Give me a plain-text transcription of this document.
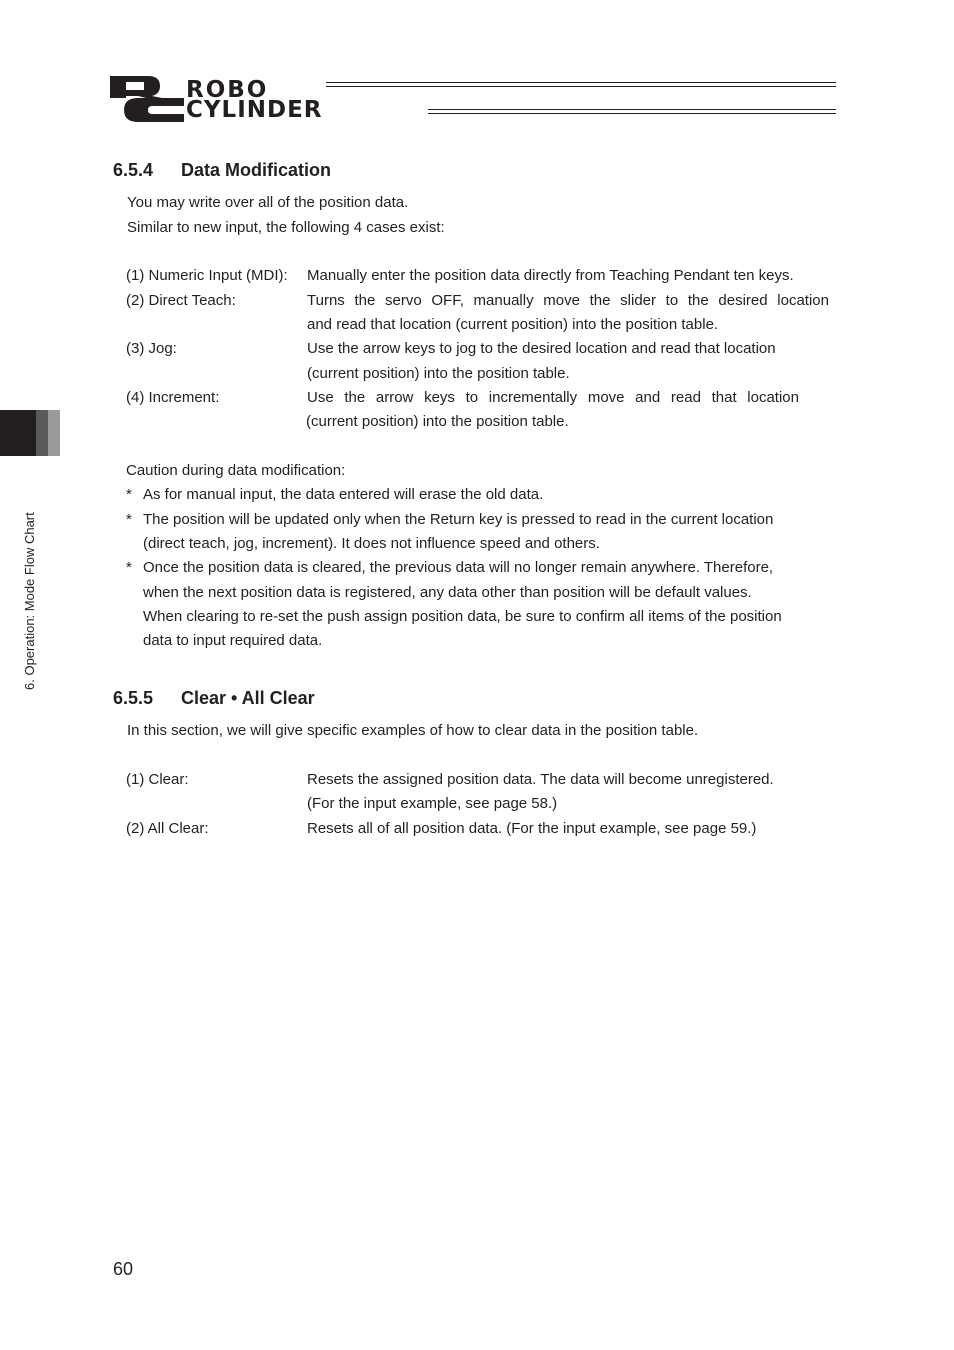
ROBO
CYLINDER
6. Operation: Mode Flow Chart
6.5.4 Data Modification
You may write over all of the position data.
Similar to new input, the following 4 cases exist:
(1) Numeric Input (MDI): Manually enter the position data directly from Teaching Pendant ten keys.
(2) Direct Teach:	Turns the servo OFF, manually move the slider to the desired location
and read that location (current position) into the position table.
(3) Jog:	Use the arrow keys to jog to the desired location and read that location
(current position) into the position table.
(4) Increment:	Use the arrow keys to incrementally move and read that location
(current position) into the position table.
Caution during data modification:
* As for manual input, the data entered will erase the old data.
* The position will be updated only when the Return key is pressed to read in the current location
(direct teach, jog, increment). It does not influence speed and others.
* Once the position data is cleared, the previous data will no longer remain anywhere. Therefore,
when the next position data is registered, any data other than position will be default values.
When clearing to re-set the push assign position data, be sure to confirm all items of the position
data to input required data.
6.5.5 Clear • All Clear
In this section, we will give specific examples of how to clear data in the position table.
(1) Clear:	Resets the assigned position data. The data will become unregistered.
(For the input example, see page 58.)
(2) All Clear:	Resets all of all position data. (For the input example, see page 59.)
60
